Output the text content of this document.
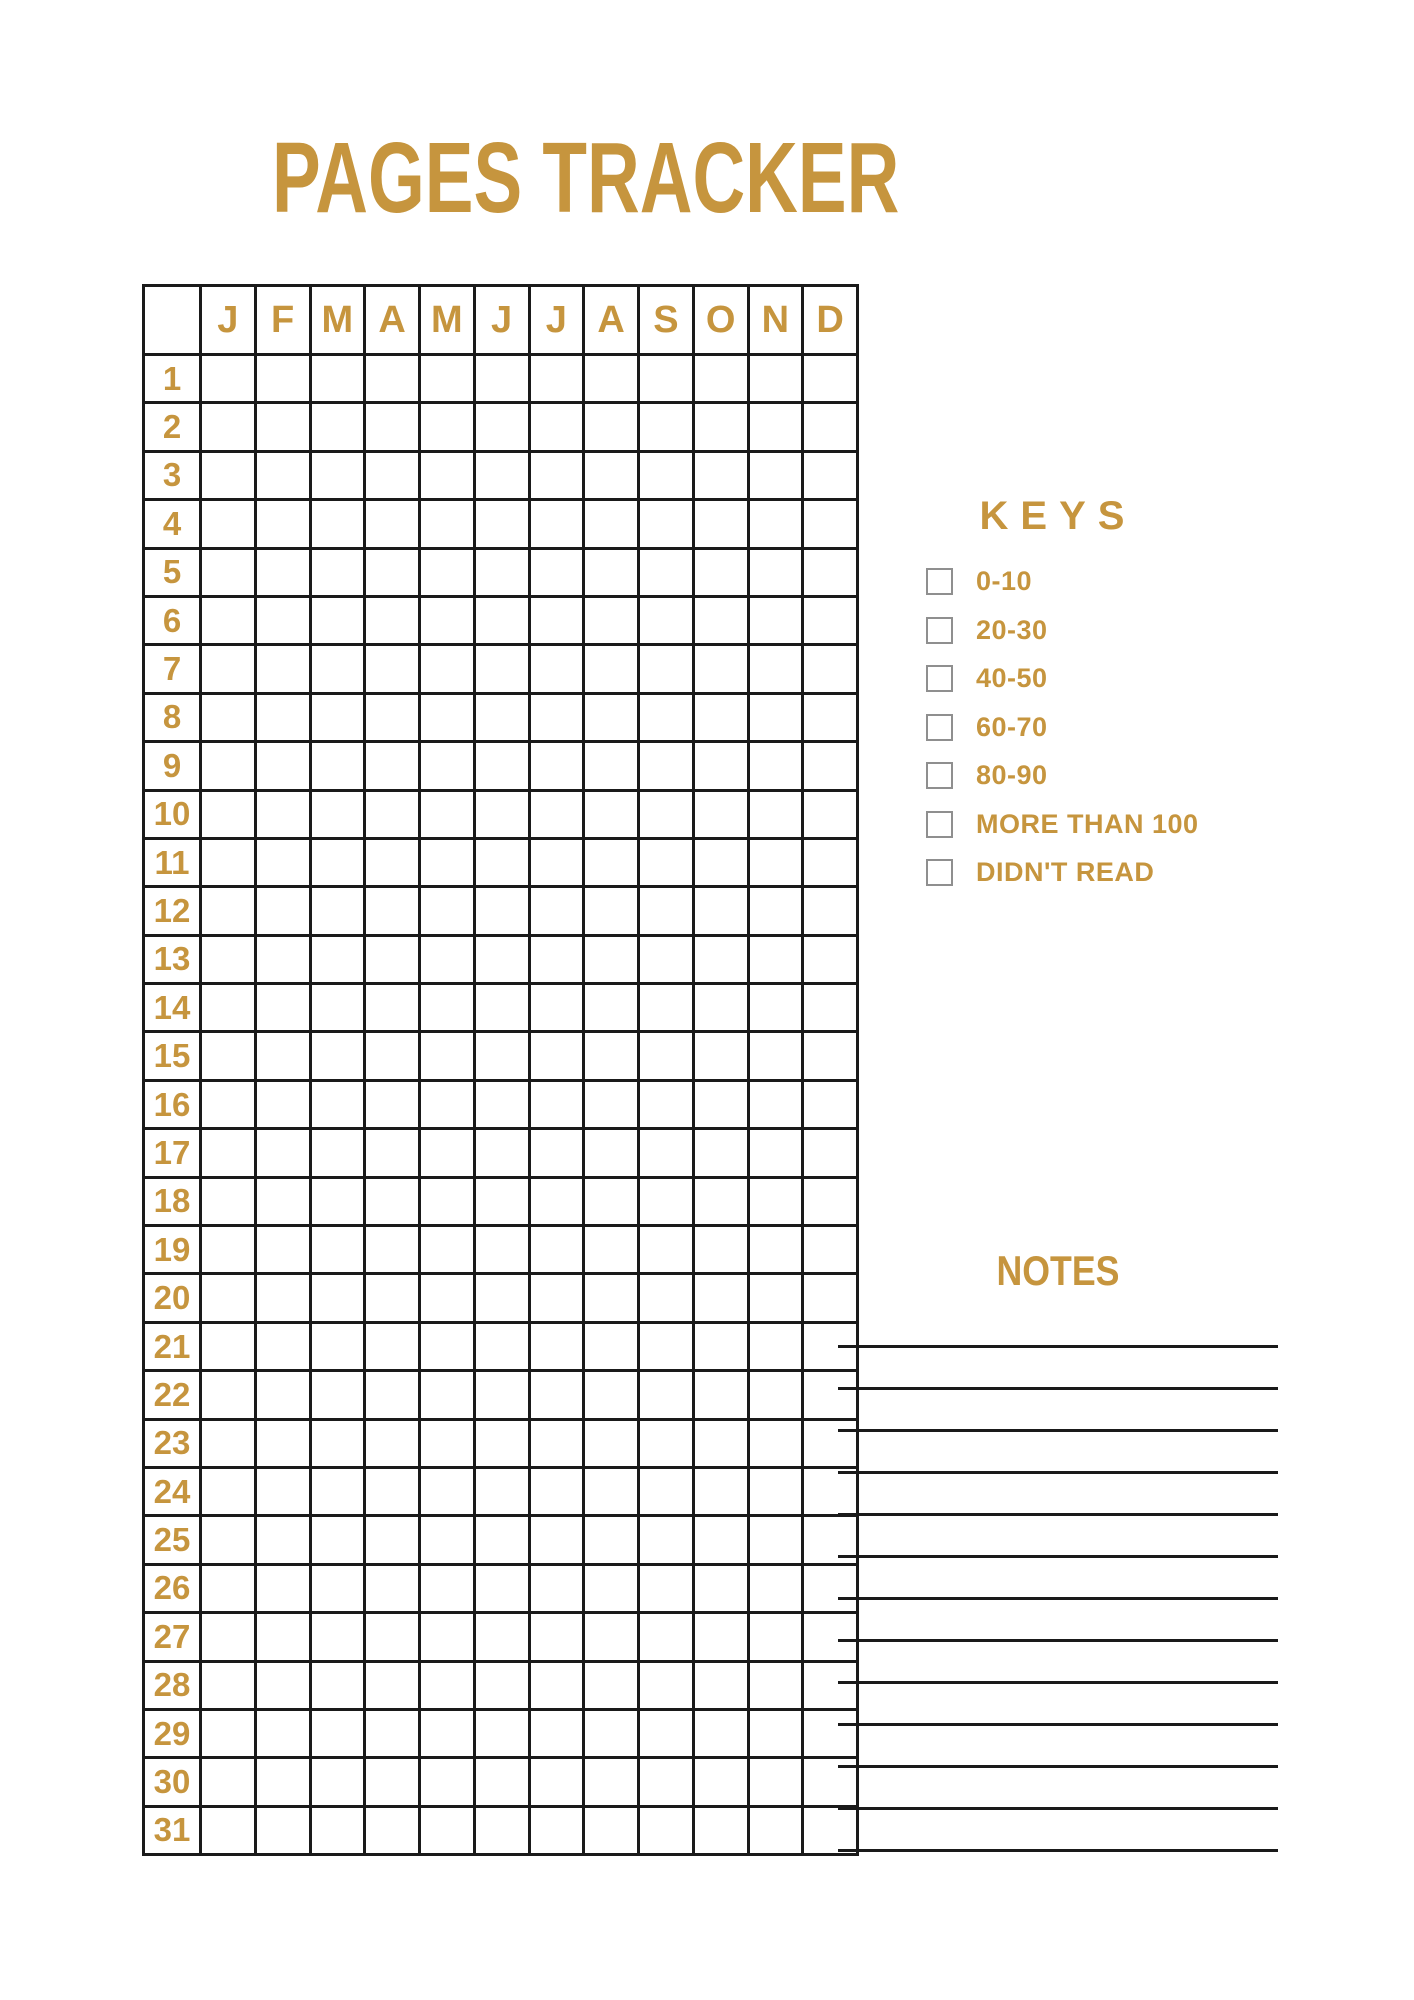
PAGES TRACKER
	J	F	M	A	M	J	J	A	S	O	N	D
1												
2												
3												
4												
5												
6												
7												
8												
9												
10												
11												
12												
13												
14												
15												
16												
17												
18												
19												
20												
21												
22												
23												
24												
25												
26												
27												
28												
29												
30												
31												
KEYS
0-10
20-30
40-50
60-70
80-90
MORE THAN 100
DIDN'T READ
NOTES
